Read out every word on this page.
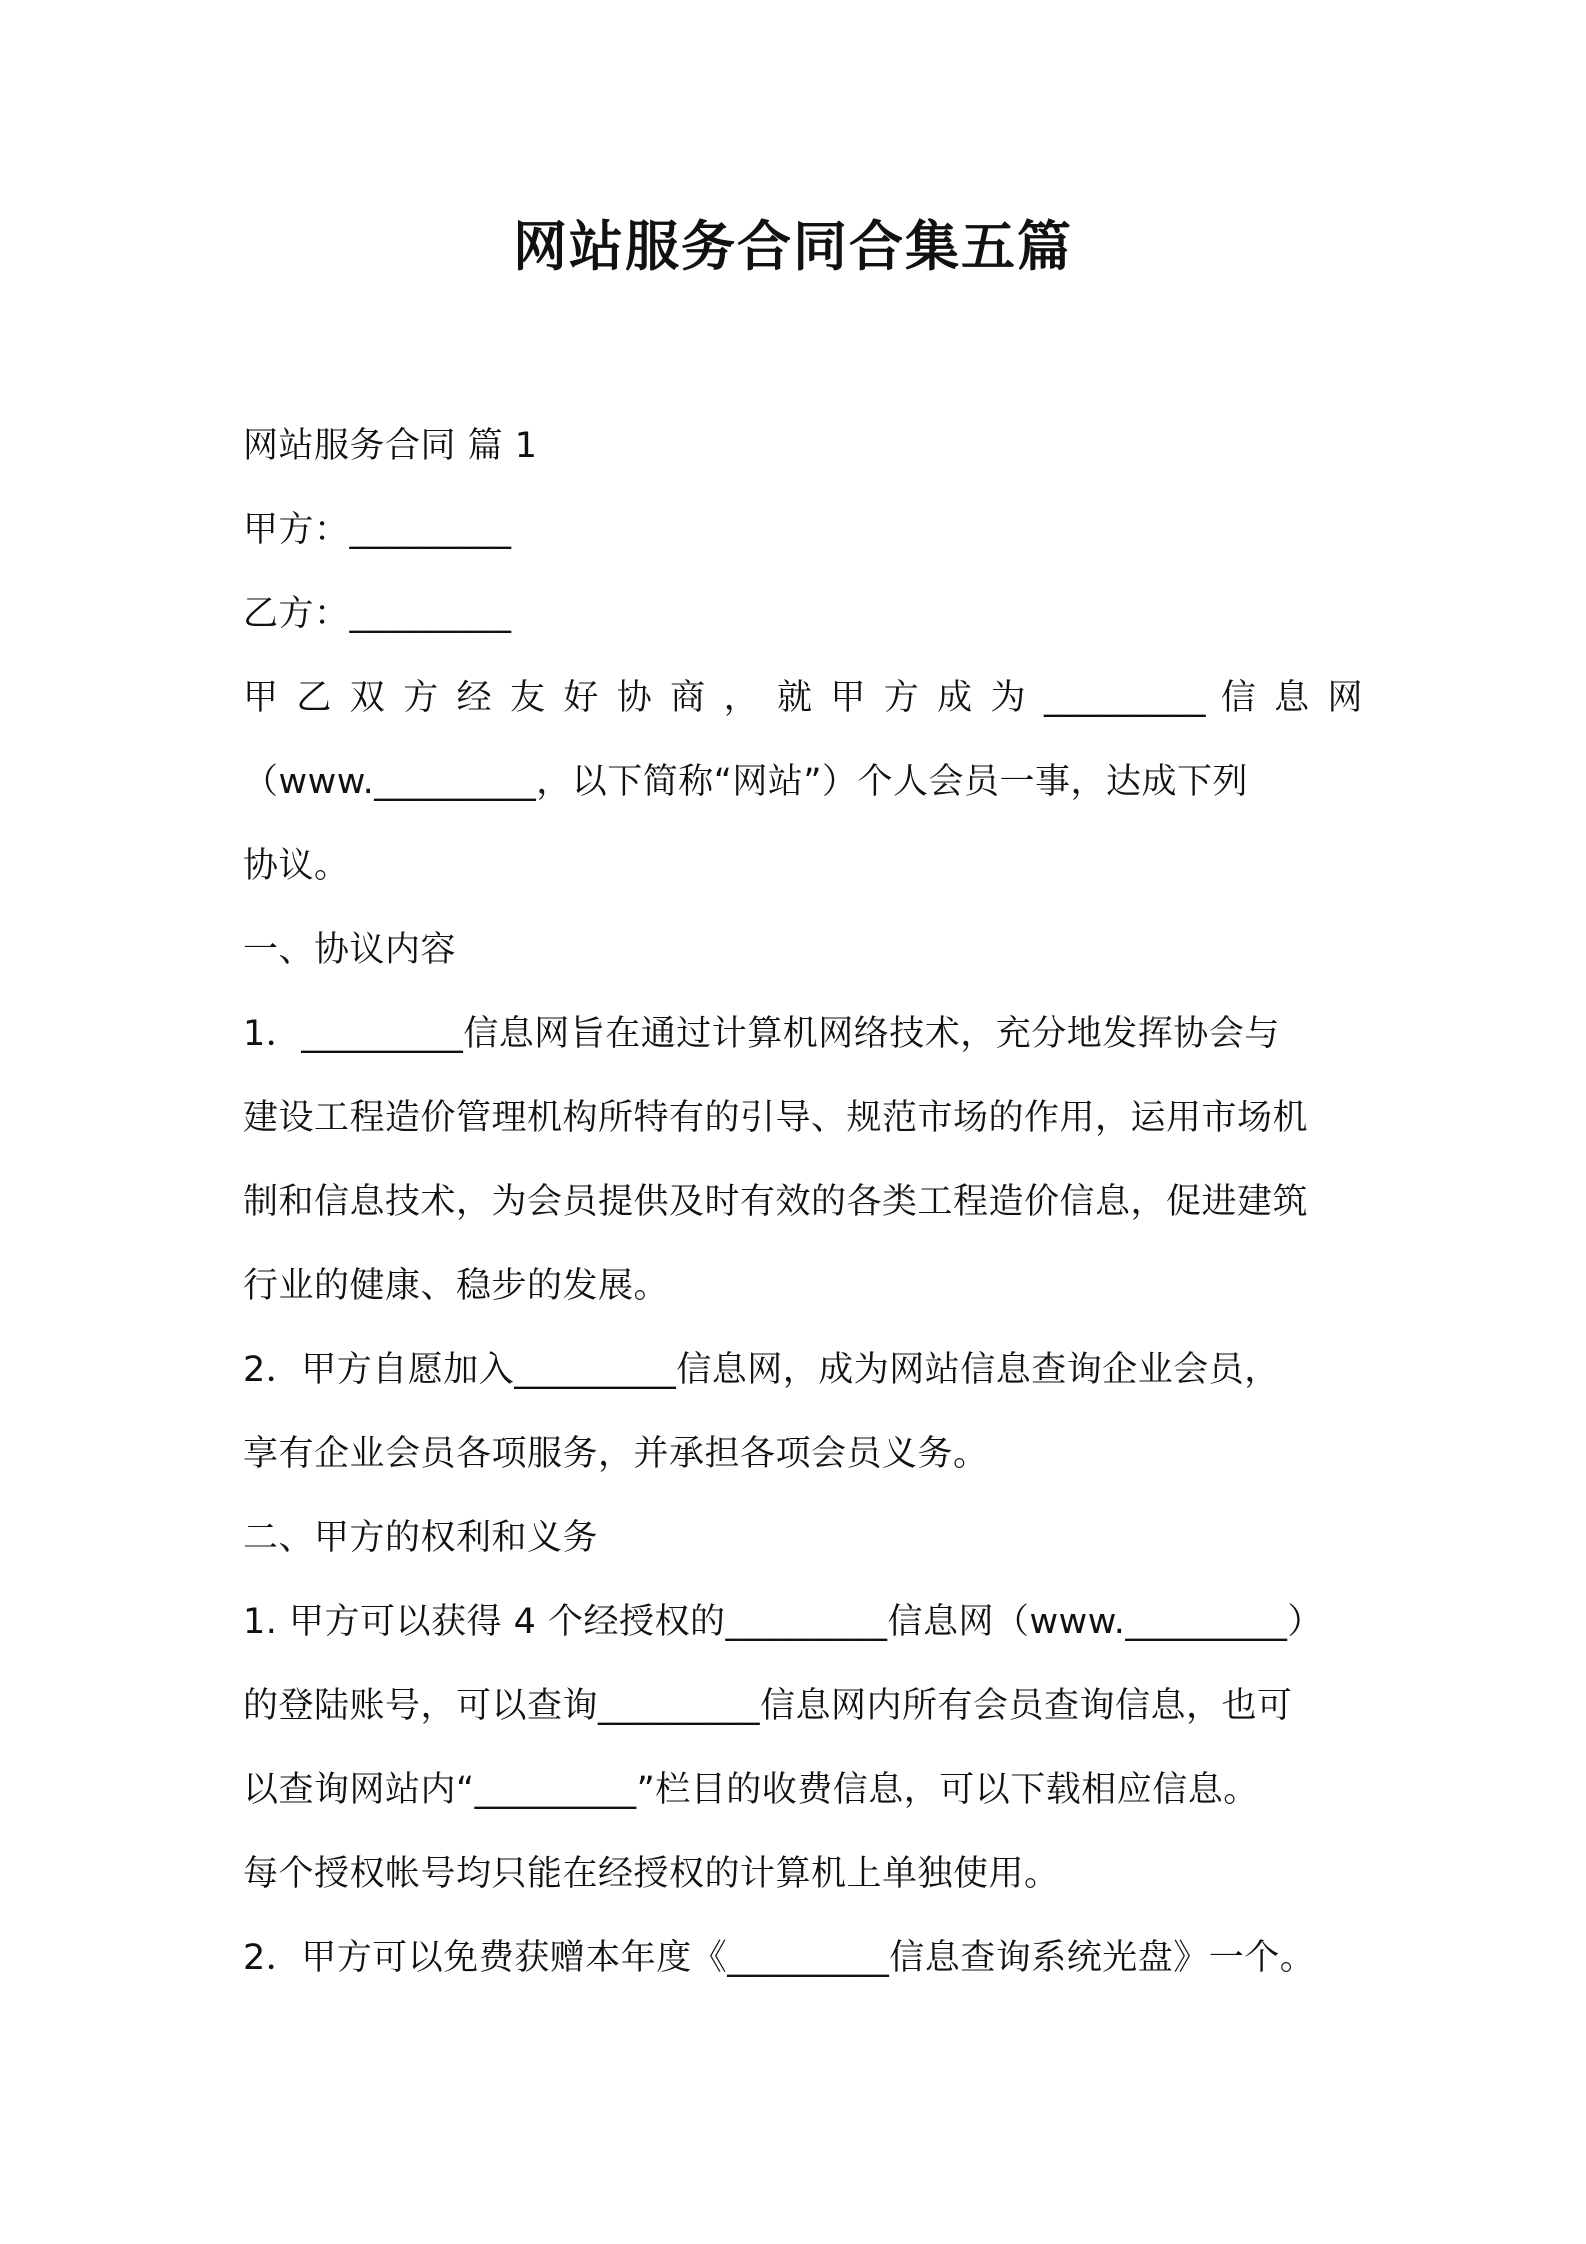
网站服务合同合集五篇

网站服务合同 篇 1

甲方：_________

乙方：_________

甲 乙 双 方 经 友 好 协 商 ， 就 甲 方 成 为 _________ 信 息 网

（www._________，以下简称“网站”）个人会员一事，达成下列

协议。

一、协议内容

1．_________信息网旨在通过计算机网络技术，充分地发挥协会与

建设工程造价管理机构所特有的引导、规范市场的作用，运用市场机

制和信息技术，为会员提供及时有效的各类工程造价信息，促进建筑

行业的健康、稳步的发展。

2．甲方自愿加入_________信息网，成为网站信息查询企业会员，

享有企业会员各项服务，并承担各项会员义务。

二、甲方的权利和义务

1. 甲方可以获得 4 个经授权的_________信息网（www._________）

的登陆账号，可以查询_________信息网内所有会员查询信息，也可

以查询网站内“_________”栏目的收费信息，可以下载相应信息。

每个授权帐号均只能在经授权的计算机上单独使用。

2．甲方可以免费获赠本年度《_________信息查询系统光盘》一个。
